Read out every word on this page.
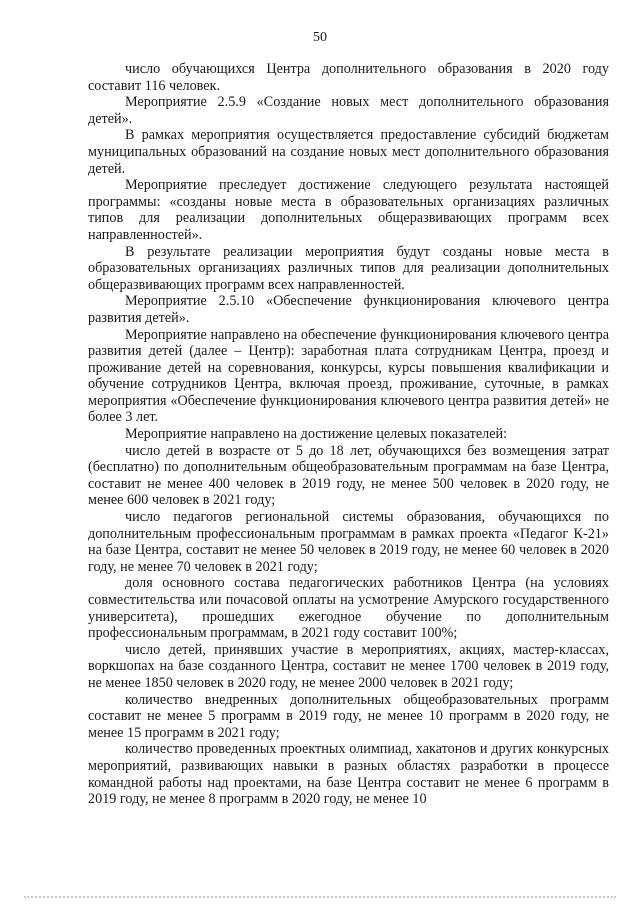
50

число обучающихся Центра дополнительного образования в 2020 году составит 116 человек.

Мероприятие 2.5.9 «Создание новых мест дополнительного образования детей».

В рамках мероприятия осуществляется предоставление субсидий бюджетам муниципальных образований на создание новых мест дополнительного образования детей.

Мероприятие преследует достижение следующего результата настоящей программы: «созданы новые места в образовательных организациях различных типов для реализации дополнительных общеразвивающих программ всех направленностей».

В результате реализации мероприятия будут созданы новые места в образовательных организациях различных типов для реализации дополнительных общеразвивающих программ всех направленностей.

Мероприятие 2.5.10 «Обеспечение функционирования ключевого центра развития детей».

Мероприятие направлено на обеспечение функционирования ключевого центра развития детей (далее – Центр): заработная плата сотрудникам Центра, проезд и проживание детей на соревнования, конкурсы, курсы повышения квалификации и обучение сотрудников Центра, включая проезд, проживание, суточные, в рамках мероприятия «Обеспечение функционирования ключевого центра развития детей» не более 3 лет.

Мероприятие направлено на достижение целевых показателей:

число детей в возрасте от 5 до 18 лет, обучающихся без возмещения затрат (бесплатно) по дополнительным общеобразовательным программам на базе Центра, составит не менее 400 человек в 2019 году, не менее 500 человек в 2020 году, не менее 600 человек в 2021 году;

число педагогов региональной системы образования, обучающихся по дополнительным профессиональным программам в рамках проекта «Педагог К-21» на базе Центра, составит не менее 50 человек в 2019 году, не менее 60 человек в 2020 году, не менее 70 человек в 2021 году;

доля основного состава педагогических работников Центра (на условиях совместительства или почасовой оплаты на усмотрение Амурского государственного университета), прошедших ежегодное обучение по дополнительным профессиональным программам, в 2021 году составит 100%;

число детей, принявших участие в мероприятиях, акциях, мастер-классах, воркшопах на базе созданного Центра, составит не менее 1700 человек в 2019 году, не менее 1850 человек в 2020 году, не менее 2000 человек в 2021 году;

количество внедренных дополнительных общеобразовательных программ составит не менее 5 программ в 2019 году, не менее 10 программ в 2020 году, не менее 15 программ в 2021 году;

количество проведенных проектных олимпиад, хакатонов и других конкурсных мероприятий, развивающих навыки в разных областях разработки в процессе командной работы над проектами, на базе Центра составит не менее 6 программ в 2019 году, не менее 8 программ в 2020 году, не менее 10
